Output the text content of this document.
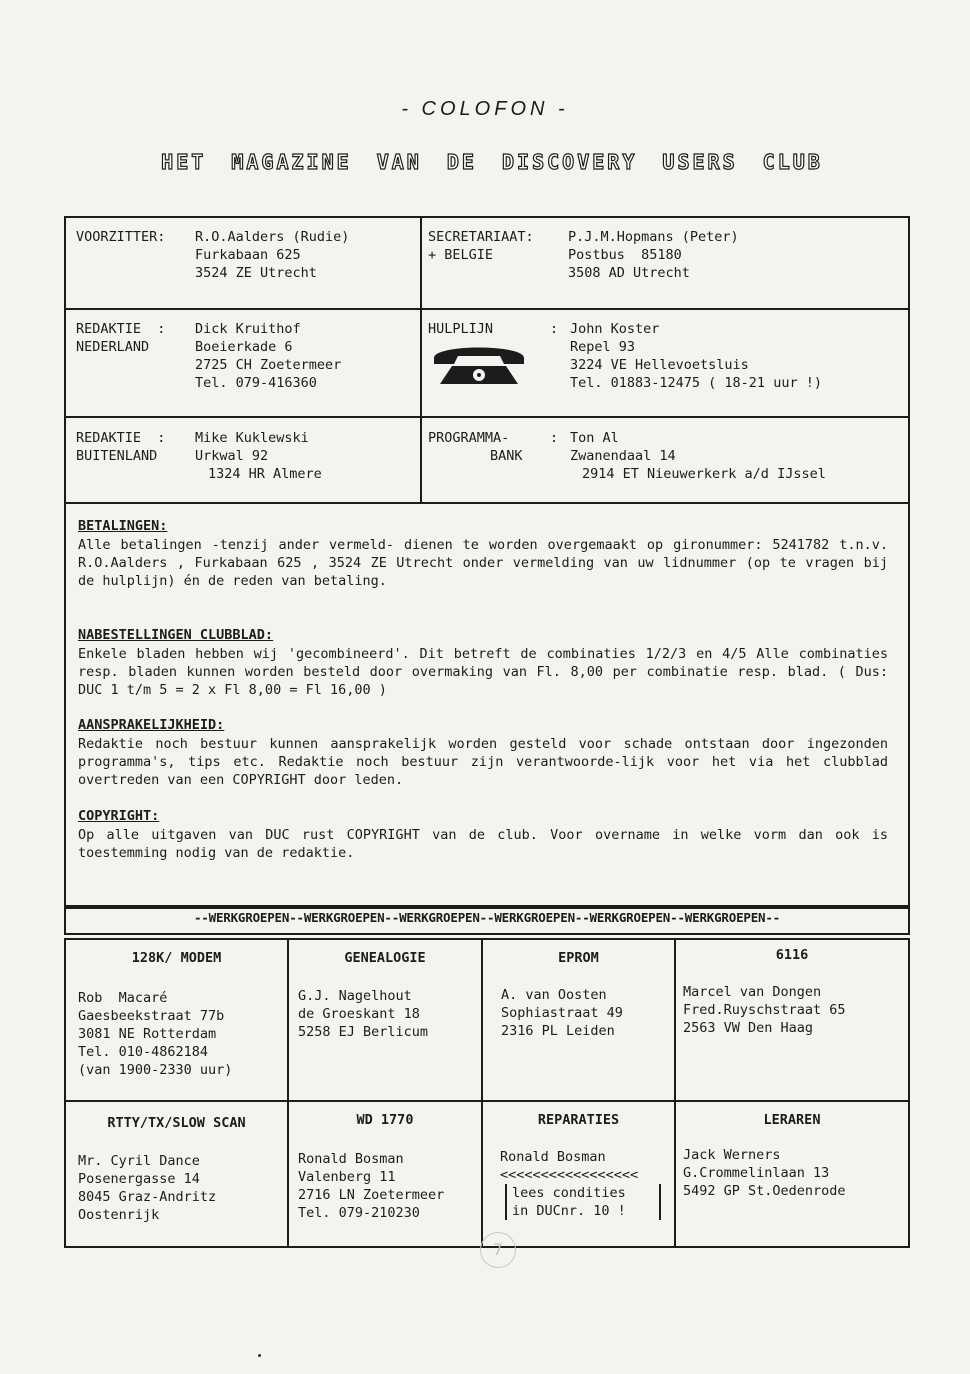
- COLOFON -
HET MAGAZINE VAN DE DISCOVERY USERS CLUB
VOORZITTER: R.O.Aalders (Rudie)
Furkabaan 625
3524 ZE Utrecht
SECRETARIAAT:
+ BELGIE
P.J.M.Hopmans (Peter)
Postbus  85180
3508 AD Utrecht
REDAKTIE  :
NEDERLAND
Dick Kruithof
Boeierkade 6
2725 CH Zoetermeer
Tel. 079-416360
HULPLIJN	: John Koster
Repel 93
3224 VE Hellevoetsluis
Tel. 01883-12475 ( 18-21 uur !)
REDAKTIE  :
BUITENLAND
Mike Kuklewski
Urkwal 92
1324 HR Almere
PROGRAMMA-
BANK
: Ton Al
Zwanendaal 14
2914 ET Nieuwerkerk a/d IJssel
BETALINGEN:
Alle betalingen -tenzij ander vermeld- dienen te worden overgemaakt op gironummer: 5241782 t.n.v. R.O.Aalders , Furkabaan 625 , 3524 ZE Utrecht onder vermelding van uw lidnummer (op te vragen bij de hulplijn) én de reden van betaling.
NABESTELLINGEN CLUBBLAD:
Enkele bladen hebben wij 'gecombineerd'. Dit betreft de combinaties 1/2/3 en 4/5 Alle combinaties resp. bladen kunnen worden besteld door overmaking van Fl. 8,00 per combinatie resp. blad. ( Dus: DUC 1 t/m 5 = 2 x Fl 8,00 = Fl 16,00 )
AANSPRAKELIJKHEID:
Redaktie noch bestuur kunnen aansprakelijk worden gesteld voor schade ontstaan door ingezonden programma's, tips etc. Redaktie noch bestuur zijn verantwoorde-lijk voor het via het clubblad overtreden van een COPYRIGHT door leden.
COPYRIGHT:
Op alle uitgaven van DUC rust COPYRIGHT van de club. Voor overname in welke vorm dan ook is toestemming nodig van de redaktie.
--WERKGROEPEN--WERKGROEPEN--WERKGROEPEN--WERKGROEPEN--WERKGROEPEN--WERKGROEPEN--
128K/ MODEM
Rob  Macaré
Gaesbeekstraat 77b
3081 NE Rotterdam
Tel. 010-4862184
(van 1900-2330 uur)
GENEALOGIE
G.J. Nagelhout
de Groeskant 18
5258 EJ Berlicum
EPROM
A. van Oosten
Sophiastraat 49
2316 PL Leiden
6116
Marcel van Dongen
Fred.Ruyschstraat 65
2563 VW Den Haag
RTTY/TX/SLOW SCAN
Mr. Cyril Dance
Posenergasse 14
8045 Graz-Andritz
Oostenrijk
WD 1770
Ronald Bosman
Valenberg 11
2716 LN Zoetermeer
Tel. 079-210230
REPARATIES
Ronald Bosman
<<<<<<<<<<<<<<<<<
lees condities
in DUCnr. 10 !
LERAREN
Jack Werners
G.Crommelinlaan 13
5492 GP St.Oedenrode
7
